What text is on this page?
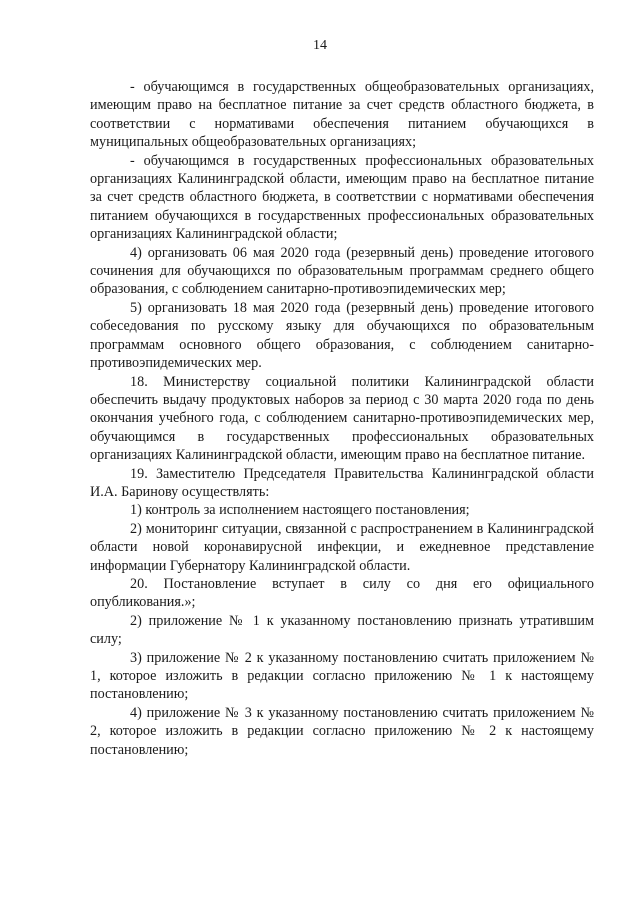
14

- обучающимся в государственных общеобразовательных организациях, имеющим право на бесплатное питание за счет средств областного бюджета, в соответствии с нормативами обеспечения питанием обучающихся в муниципальных общеобразовательных организациях;

- обучающимся в государственных профессиональных образовательных организациях Калининградской области, имеющим право на бесплатное питание за счет средств областного бюджета, в соответствии с нормативами обеспечения питанием обучающихся в государственных профессиональных образовательных организациях Калининградской области;

4) организовать 06 мая 2020 года (резервный день) проведение итогового сочинения для обучающихся по образовательным программам среднего общего образования, с соблюдением санитарно-противоэпидемических мер;

5) организовать 18 мая 2020 года (резервный день) проведение итогового собеседования по русскому языку для обучающихся по образовательным программам основного общего образования, с соблюдением санитарно-противоэпидемических мер.

18. Министерству социальной политики Калининградской области обеспечить выдачу продуктовых наборов за период с 30 марта 2020 года по день окончания учебного года, с соблюдением санитарно-противоэпидемических мер, обучающимся в государственных профессиональных образовательных организациях Калининградской области, имеющим право на бесплатное питание.

19. Заместителю Председателя Правительства Калининградской области И.А. Баринову осуществлять:

1) контроль за исполнением настоящего постановления;

2) мониторинг ситуации, связанной с распространением в Калининградской области новой коронавирусной инфекции, и ежедневное представление информации Губернатору Калининградской области.

20. Постановление вступает в силу со дня его официального опубликования.»;

2) приложение № 1 к указанному постановлению признать утратившим силу;

3) приложение № 2 к указанному постановлению считать приложением № 1, которое изложить в редакции согласно приложению № 1 к настоящему постановлению;

4) приложение № 3 к указанному постановлению считать приложением № 2, которое изложить в редакции согласно приложению № 2 к настоящему постановлению;
